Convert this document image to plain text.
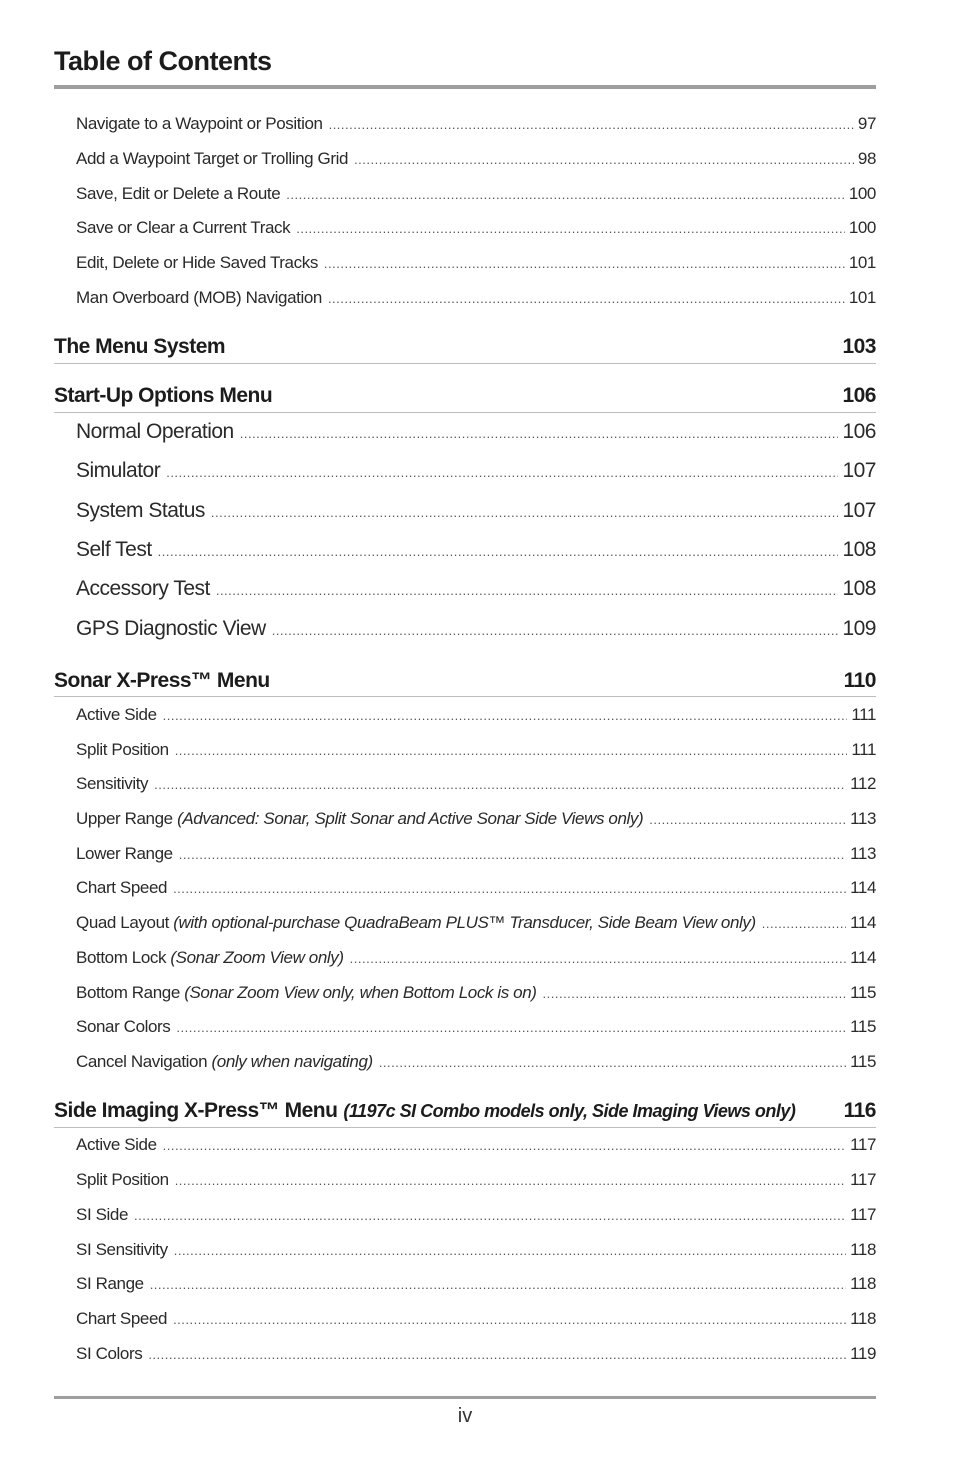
Table of Contents
Navigate to a Waypoint or Position .....	97
Add a Waypoint Target or Trolling Grid .....	98
Save, Edit or Delete a Route .....	100
Save or Clear a Current Track .....	100
Edit, Delete or Hide Saved Tracks .....	101
Man Overboard (MOB) Navigation .....	101
The Menu System	103
Start-Up Options Menu	106
Normal Operation .....	106
Simulator .....	107
System Status .....	107
Self Test .....	108
Accessory Test .....	108
GPS Diagnostic View .....	109
Sonar X-Press™ Menu	110
Active Side .....	111
Split Position .....	111
Sensitivity .....	112
Upper Range (Advanced: Sonar, Split Sonar and Active Sonar Side Views only) .....	113
Lower Range .....	113
Chart Speed .....	114
Quad Layout (with optional-purchase QuadraBeam PLUS™ Transducer, Side Beam View only) .....	114
Bottom Lock (Sonar Zoom View only) .....	114
Bottom Range (Sonar Zoom View only, when Bottom Lock is on) .....	115
Sonar Colors .....	115
Cancel Navigation (only when navigating) .....	115
Side Imaging X-Press™ Menu (1197c SI Combo models only, Side Imaging Views only)	116
Active Side .....	117
Split Position .....	117
SI Side .....	117
SI Sensitivity .....	118
SI Range .....	118
Chart Speed .....	118
SI Colors .....	119
iv
